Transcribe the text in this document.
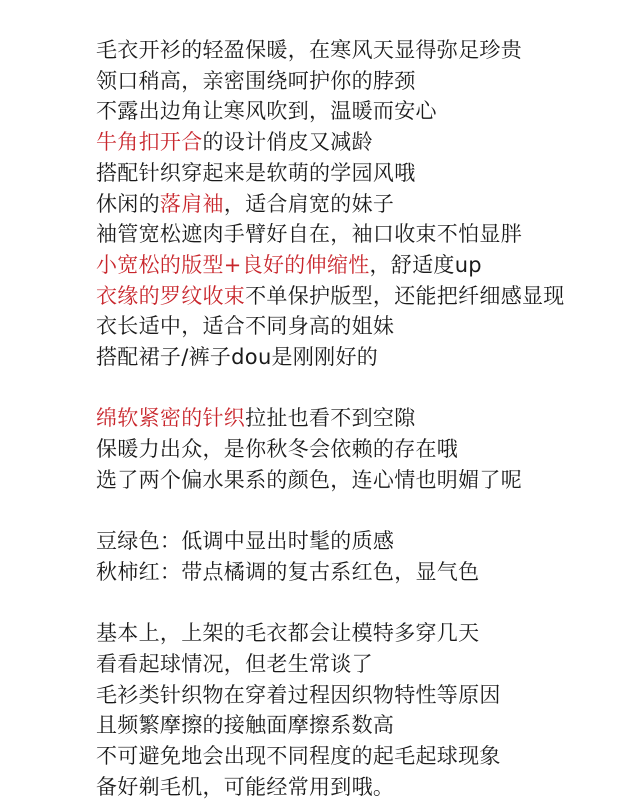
毛衣开衫的轻盈保暖，在寒风天显得弥足珍贵
领口稍高，亲密围绕呵护你的脖颈
不露出边角让寒风吹到，温暖而安心
牛角扣开合的设计俏皮又减龄
搭配针织穿起来是软萌的学园风哦
休闲的落肩袖，适合肩宽的妹子
袖管宽松遮肉手臂好自在，袖口收束不怕显胖
小宽松的版型+良好的伸缩性，舒适度up
衣缘的罗纹收束不单保护版型，还能把纤细感显现
衣长适中，适合不同身高的姐妹
搭配裙子/裤子dou是刚刚好的
绵软紧密的针织拉扯也看不到空隙
保暖力出众，是你秋冬会依赖的存在哦
选了两个偏水果系的颜色，连心情也明媚了呢
豆绿色：低调中显出时髦的质感
秋柿红：带点橘调的复古系红色，显气色
基本上，上架的毛衣都会让模特多穿几天
看看起球情况，但老生常谈了
毛衫类针织物在穿着过程因织物特性等原因
且频繁摩擦的接触面摩擦系数高
不可避免地会出现不同程度的起毛起球现象
备好剃毛机，可能经常用到哦。
